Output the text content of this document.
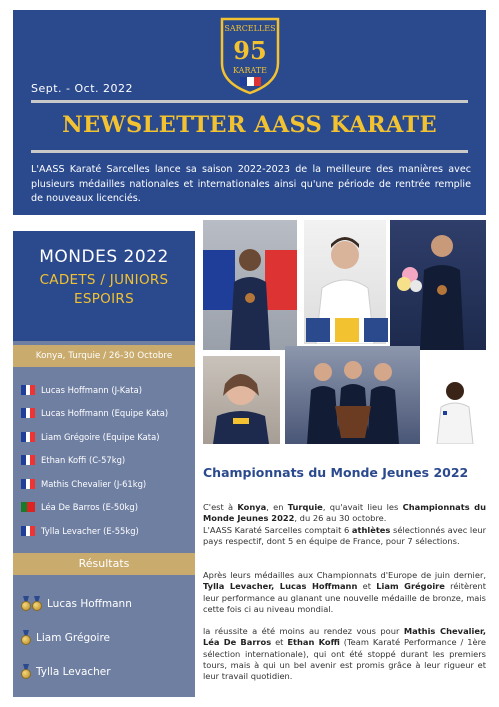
SARCELLES
95
KARATE
Sept. - Oct. 2022
NEWSLETTER AASS KARATE

L'AASS Karaté Sarcelles lance sa saison 2022-2023 de la meilleure des manières avec plusieurs médailles nationales et internationales ainsi qu'une période de rentrée remplie de nouveaux licenciés.

MONDES 2022
CADETS / JUNIORS
ESPOIRS
Konya, Turquie / 26-30 Octobre
Lucas Hoffmann (J-Kata)
Lucas Hoffmann (Equipe Kata)
Liam Grégoire (Equipe Kata)
Ethan Koffi (C-57kg)
Mathis Chevalier (J-61kg)
Léa De Barros (E-50kg)
Tylla Levacher (E-55kg)
Résultats
Lucas Hoffmann
Liam Grégoire
Tylla Levacher
Championnats du Monde Jeunes 2022

C'est à Konya, en Turquie, qu'avait lieu les Championnats du Monde Jeunes 2022, du 26 au 30 octobre.
L'AASS Karaté Sarcelles comptait 6 athlètes sélectionnés avec leur pays respectif, dont 5 en équipe de France, pour 7 sélections.

Après leurs médailles aux Championnats d'Europe de juin dernier, Tylla Levacher, Lucas Hoffmann et Liam Grégoire réitèrent leur performance au glanant une nouvelle médaille de bronze, mais cette fois ci au niveau mondial.

la réussite a été moins au rendez vous pour Mathis Chevalier, Léa De Barros et Ethan Koffi (Team Karaté Performance / 1ère sélection internationale), qui ont été stoppé durant les premiers tours, mais à qui un bel avenir est promis grâce à leur rigueur et leur travail quotidien.
